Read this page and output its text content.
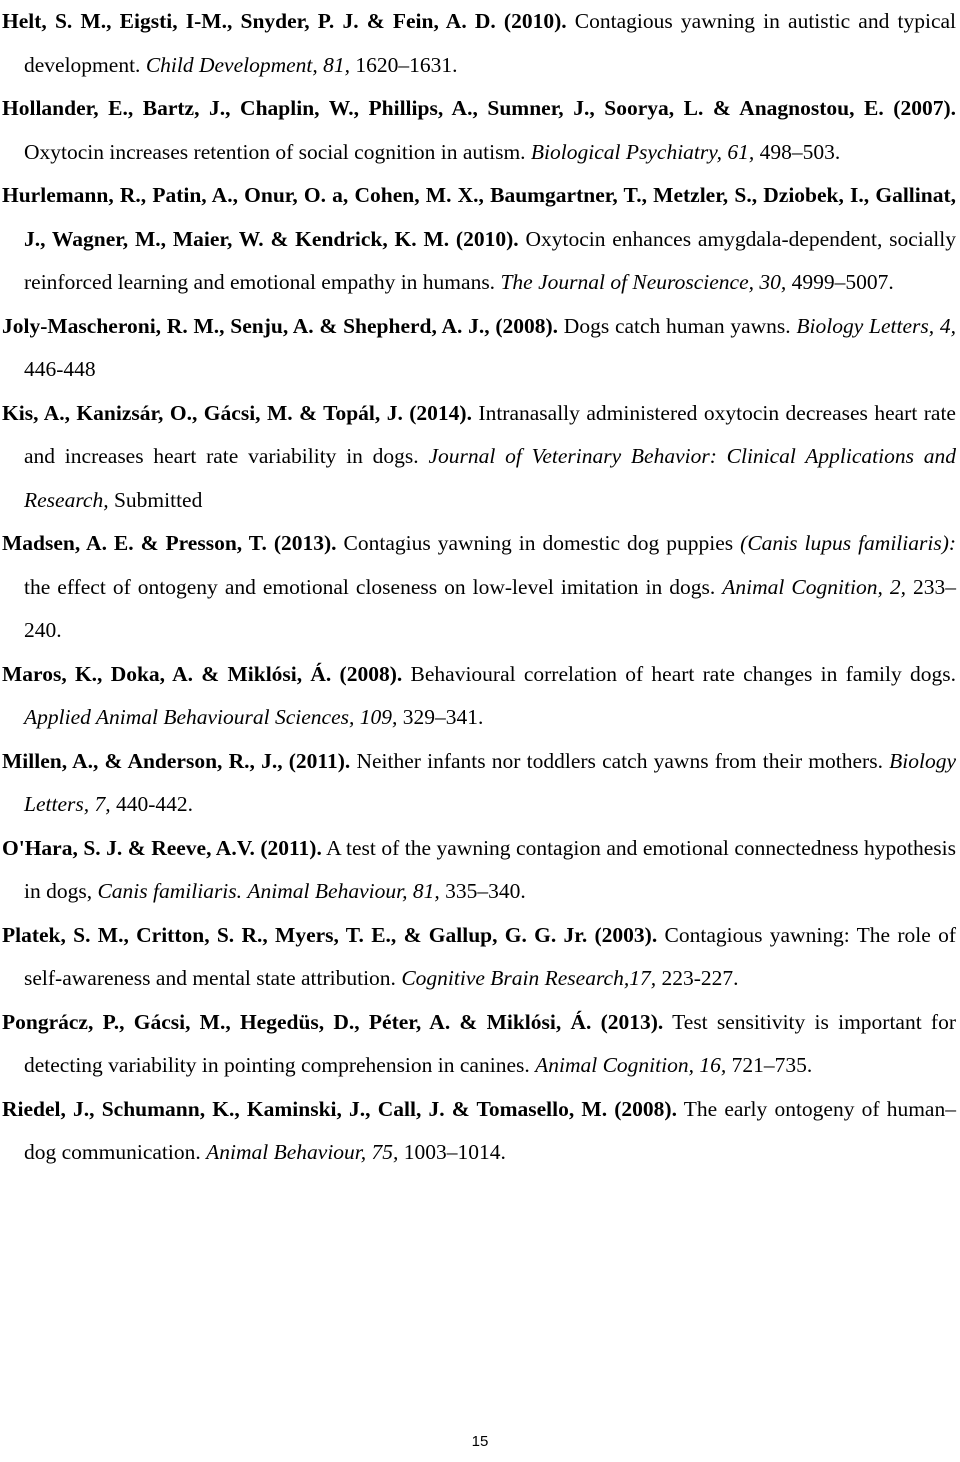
Helt, S. M., Eigsti, I-M., Snyder, P. J. & Fein, A. D. (2010). Contagious yawning in autistic and typical development. Child Development, 81, 1620–1631.

Hollander, E., Bartz, J., Chaplin, W., Phillips, A., Sumner, J., Soorya, L. & Anagnostou, E. (2007). Oxytocin increases retention of social cognition in autism. Biological Psychiatry, 61, 498–503.

Hurlemann, R., Patin, A., Onur, O. a, Cohen, M. X., Baumgartner, T., Metzler, S., Dziobek, I., Gallinat, J., Wagner, M., Maier, W. & Kendrick, K. M. (2010). Oxytocin enhances amygdala-dependent, socially reinforced learning and emotional empathy in humans. The Journal of Neuroscience, 30, 4999–5007.

Joly-Mascheroni, R. M., Senju, A. & Shepherd, A. J., (2008). Dogs catch human yawns. Biology Letters, 4, 446-448

Kis, A., Kanizsár, O., Gácsi, M. & Topál, J. (2014). Intranasally administered oxytocin decreases heart rate and increases heart rate variability in dogs. Journal of Veterinary Behavior: Clinical Applications and Research, Submitted

Madsen, A. E. & Presson, T. (2013). Contagius yawning in domestic dog puppies (Canis lupus familiaris): the effect of ontogeny and emotional closeness on low-level imitation in dogs. Animal Cognition, 2, 233–240.

Maros, K., Doka, A. & Miklósi, Á. (2008). Behavioural correlation of heart rate changes in family dogs. Applied Animal Behavioural Sciences, 109, 329–341.

Millen, A., & Anderson, R., J., (2011). Neither infants nor toddlers catch yawns from their mothers. Biology Letters, 7, 440-442.

O'Hara, S. J. & Reeve, A.V. (2011). A test of the yawning contagion and emotional connectedness hypothesis in dogs, Canis familiaris. Animal Behaviour, 81, 335–340.

Platek, S. M., Critton, S. R., Myers, T. E., & Gallup, G. G. Jr. (2003). Contagious yawning: The role of self-awareness and mental state attribution. Cognitive Brain Research,17, 223-227.

Pongrácz, P., Gácsi, M., Hegedüs, D., Péter, A. & Miklósi, Á. (2013). Test sensitivity is important for detecting variability in pointing comprehension in canines. Animal Cognition, 16, 721–735.

Riedel, J., Schumann, K., Kaminski, J., Call, J. & Tomasello, M. (2008). The early ontogeny of human–dog communication. Animal Behaviour, 75, 1003–1014.

15
